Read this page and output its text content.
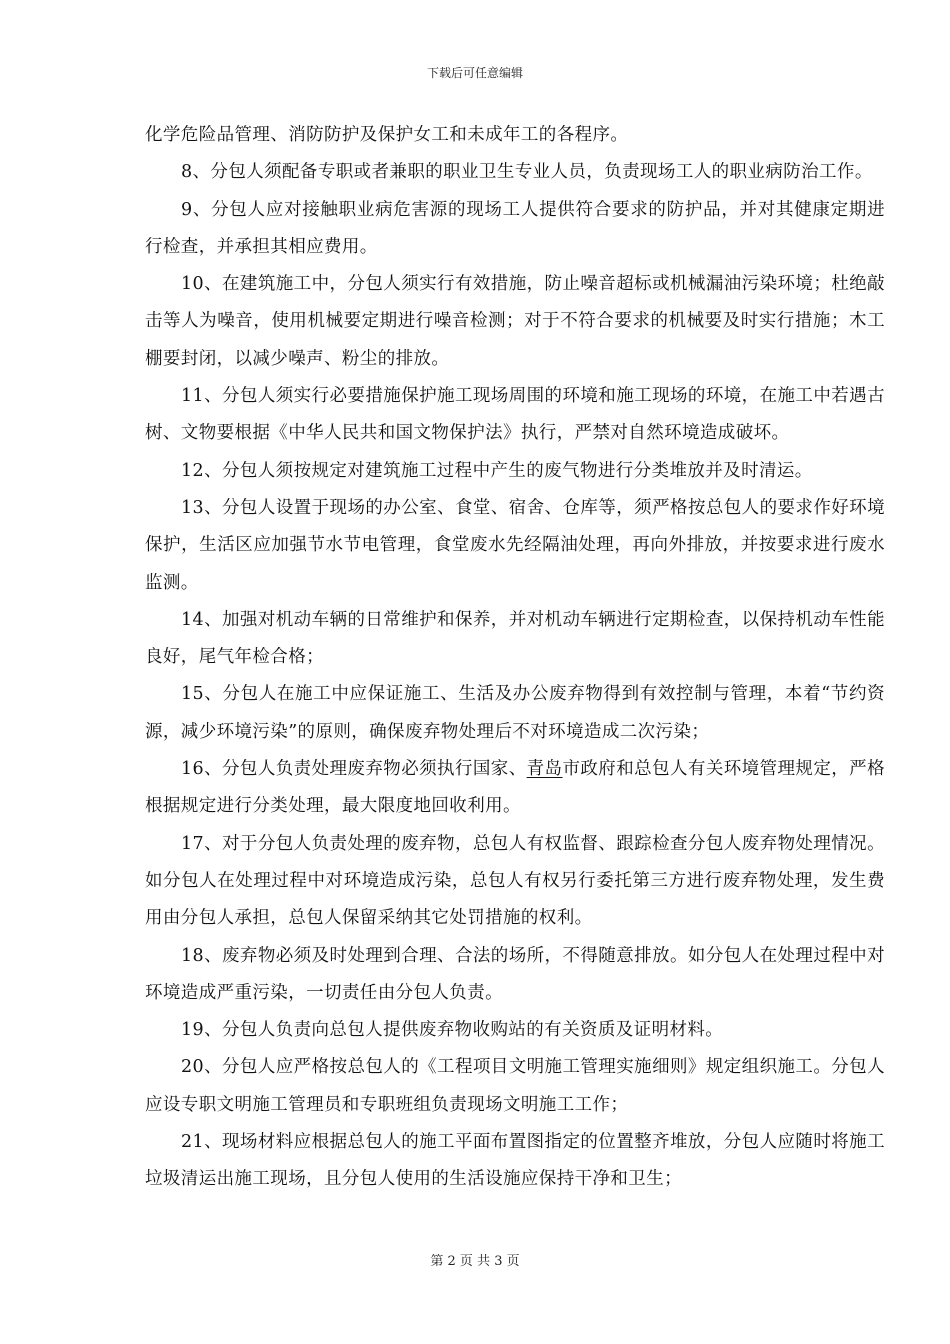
下载后可任意编辑

化学危险品管理、消防防护及保护女工和未成年工的各程序。

8、分包人须配备专职或者兼职的职业卫生专业人员，负责现场工人的职业病防治工作。

9、分包人应对接触职业病危害源的现场工人提供符合要求的防护品，并对其健康定期进行检查，并承担其相应费用。

10、在建筑施工中，分包人须实行有效措施，防止噪音超标或机械漏油污染环境；杜绝敲击等人为噪音，使用机械要定期进行噪音检测；对于不符合要求的机械要及时实行措施；木工棚要封闭，以减少噪声、粉尘的排放。

11、分包人须实行必要措施保护施工现场周围的环境和施工现场的环境，在施工中若遇古树、文物要根据《中华人民共和国文物保护法》执行，严禁对自然环境造成破坏。

12、分包人须按规定对建筑施工过程中产生的废气物进行分类堆放并及时清运。

13、分包人设置于现场的办公室、食堂、宿舍、仓库等，须严格按总包人的要求作好环境保护，生活区应加强节水节电管理，食堂废水先经隔油处理，再向外排放，并按要求进行废水监测。

14、加强对机动车辆的日常维护和保养，并对机动车辆进行定期检查，以保持机动车性能良好，尾气年检合格；

15、分包人在施工中应保证施工、生活及办公废弃物得到有效控制与管理，本着“节约资源，减少环境污染”的原则，确保废弃物处理后不对环境造成二次污染；

16、分包人负责处理废弃物必须执行国家、青岛市政府和总包人有关环境管理规定，严格根据规定进行分类处理，最大限度地回收利用。

17、对于分包人负责处理的废弃物，总包人有权监督、跟踪检查分包人废弃物处理情况。如分包人在处理过程中对环境造成污染，总包人有权另行委托第三方进行废弃物处理，发生费用由分包人承担，总包人保留采纳其它处罚措施的权利。

18、废弃物必须及时处理到合理、合法的场所，不得随意排放。如分包人在处理过程中对环境造成严重污染，一切责任由分包人负责。

19、分包人负责向总包人提供废弃物收购站的有关资质及证明材料。

20、分包人应严格按总包人的《工程项目文明施工管理实施细则》规定组织施工。分包人应设专职文明施工管理员和专职班组负责现场文明施工工作；

21、现场材料应根据总包人的施工平面布置图指定的位置整齐堆放，分包人应随时将施工垃圾清运出施工现场，且分包人使用的生活设施应保持干净和卫生；

第 2 页 共 3 页
